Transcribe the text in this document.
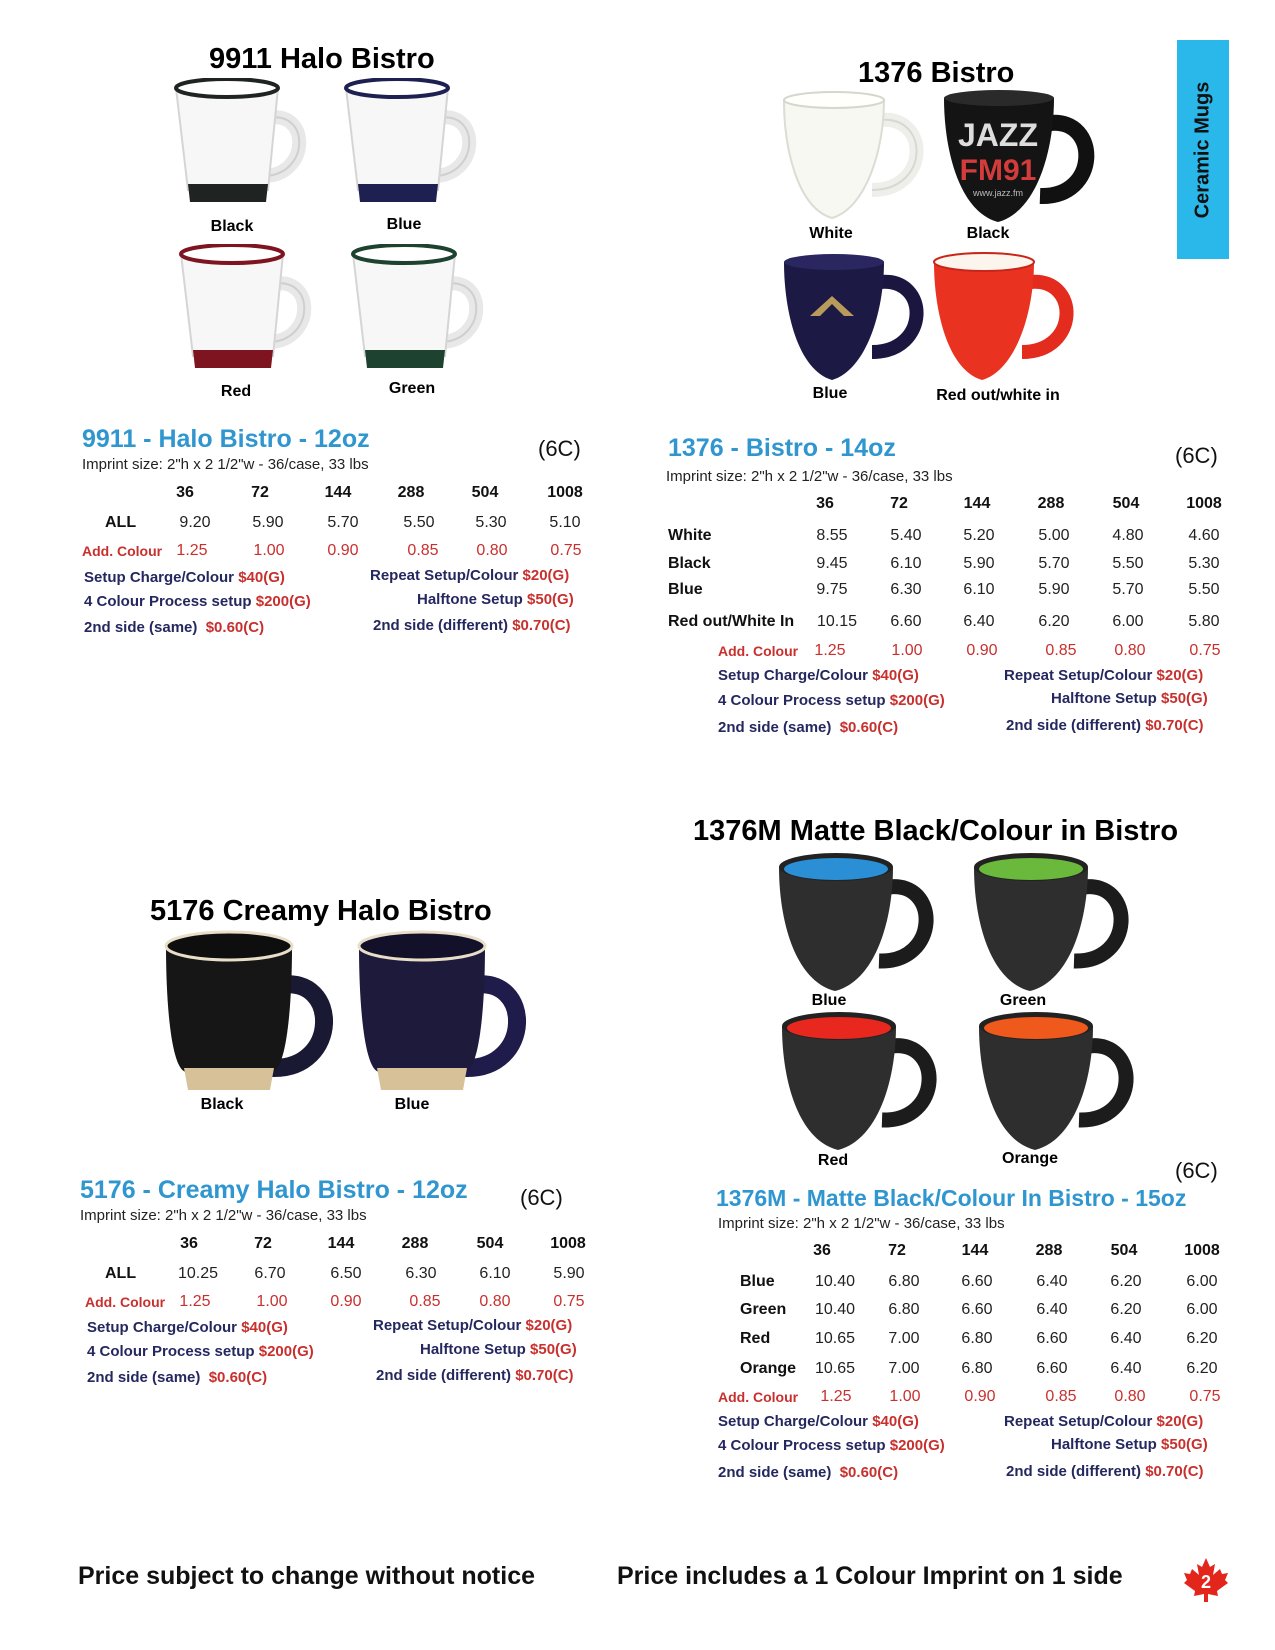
Ceramic Mugs
9911 Halo Bistro
Black	Blue
Red	Green
1376 Bistro
JAZZ
FM91
www.jazz.fm
White	Black
Blue	Red out/white in
9911 - Halo Bistro - 12oz
Imprint size: 2"h x 2 1/2"w - 36/case, 33 lbs
(6C)
36	72	144	288	504	1008
ALL	9.20	5.90	5.70	5.50	5.30	5.10
Add. Colour 1.25	1.00	0.90	0.85 0.80	0.75
Setup Charge/Colour $40(G)	Repeat Setup/Colour $20(G)
4 Colour Process setup $200(G)	Halftone Setup $50(G)
2nd side (same) $0.60(C)	2nd side (different) $0.70(C)
1376 - Bistro - 14oz
Imprint size: 2"h x 2 1/2"w - 36/case, 33 lbs
(6C)
36	72	144	288	504	1008
White	8.55	5.40	5.20	5.00	4.80	4.60
Black	9.45	6.10	5.90	5.70	5.50	5.30
Blue	9.75	6.30	6.10	5.90	5.70	5.50
Red out/White In 10.15 6.60	6.40	6.20	6.00	5.80
Add. Colour 1.25	1.00	0.90	0.85 0.80	0.75
Setup Charge/Colour $40(G)	Repeat Setup/Colour $20(G)
4 Colour Process setup $200(G)	Halftone Setup $50(G)
2nd side (same) $0.60(C)	2nd side (different) $0.70(C)
1376M Matte Black/Colour in Bistro
Blue	Green
Red	Orange
5176 Creamy Halo Bistro
Black	Blue
5176 - Creamy Halo Bistro - 12oz
Imprint size: 2"h x 2 1/2"w - 36/case, 33 lbs
(6C)
36	72	144	288	504	1008
ALL	10.25 6.70	6.50	6.30	6.10	5.90
Add. Colour 1.25	1.00	0.90	0.85 0.80	0.75
Setup Charge/Colour $40(G)	Repeat Setup/Colour $20(G)
4 Colour Process setup $200(G)	Halftone Setup $50(G)
2nd side (same) $0.60(C)	2nd side (different) $0.70(C)
(6C)
1376M - Matte Black/Colour In Bistro - 15oz
Imprint size: 2"h x 2 1/2"w - 36/case, 33 lbs
36	72	144	288	504	1008
Blue	10.40 6.80	6.60	6.40	6.20	6.00
Green 10.40 6.80	6.60	6.40	6.20	6.00
Red	10.65 7.00	6.80	6.60	6.40	6.20
Orange 10.65 7.00	6.80	6.60	6.40	6.20
Add. Colour 1.25 1.00	0.90	0.85 0.80	0.75
Setup Charge/Colour $40(G)	Repeat Setup/Colour $20(G)
4 Colour Process setup $200(G)	Halftone Setup $50(G)
2nd side (same) $0.60(C)	2nd side (different) $0.70(C)
Price subject to change without notice	Price includes a 1 Colour Imprint on 1 side	2
